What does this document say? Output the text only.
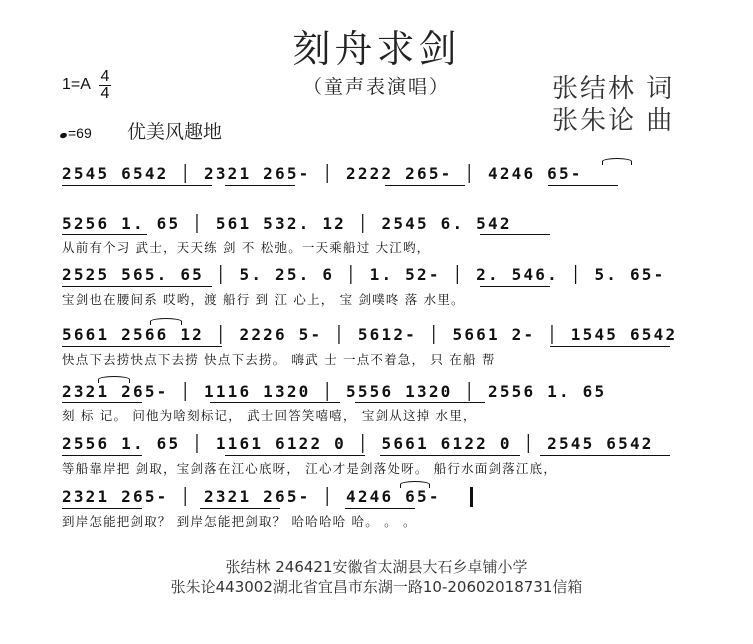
刻舟求剑
（童声表演唱）
1=A 4
4	张结林 词
张朱论 曲
=69 优美风趣地
2545 6542 │ 2321 265- │ 2222 265- │ 4246 65-
5256 1. 65 │ 561 532. 12 │ 2545 6. 542
从前有个习 武士，天天练 剑 不 松弛。一天乘船过 大江哟，
2525 565. 65 │ 5. 25. 6 │ 1. 52- │ 2. 546. │ 5. 65-
宝剑也在腰间系 哎哟，渡 船行 到 江 心上， 宝 剑噗咚 落 水里。
5661 2566 12 │ 2226 5- │ 5612- │ 5661 2- │ 1545 6542
快点下去捞快点下去捞 快点下去捞。 嗨武 士 一点不着急， 只 在船 帮
2321 265- │ 1116 1320 │ 5556 1320 │ 2556 1. 65
刻 标 记。 问他为啥刻标记， 武士回答笑嘻嘻， 宝剑从这掉 水里，
2556 1. 65 │ 1161 6122 0 │ 5661 6122 0 │ 2545 6542
等船靠岸把 剑取，宝剑落在江心底呀， 江心才是剑落处呀。 船行水面剑落江底，
2321 265- │ 2321 265- │ 4246 65-
到岸怎能把剑取？ 到岸怎能把剑取？ 哈哈哈哈 哈。 。 。
张结林 246421安徽省太湖县大石乡卓铺小学
张朱论443002湖北省宜昌市东湖一路10-20602018731信箱
